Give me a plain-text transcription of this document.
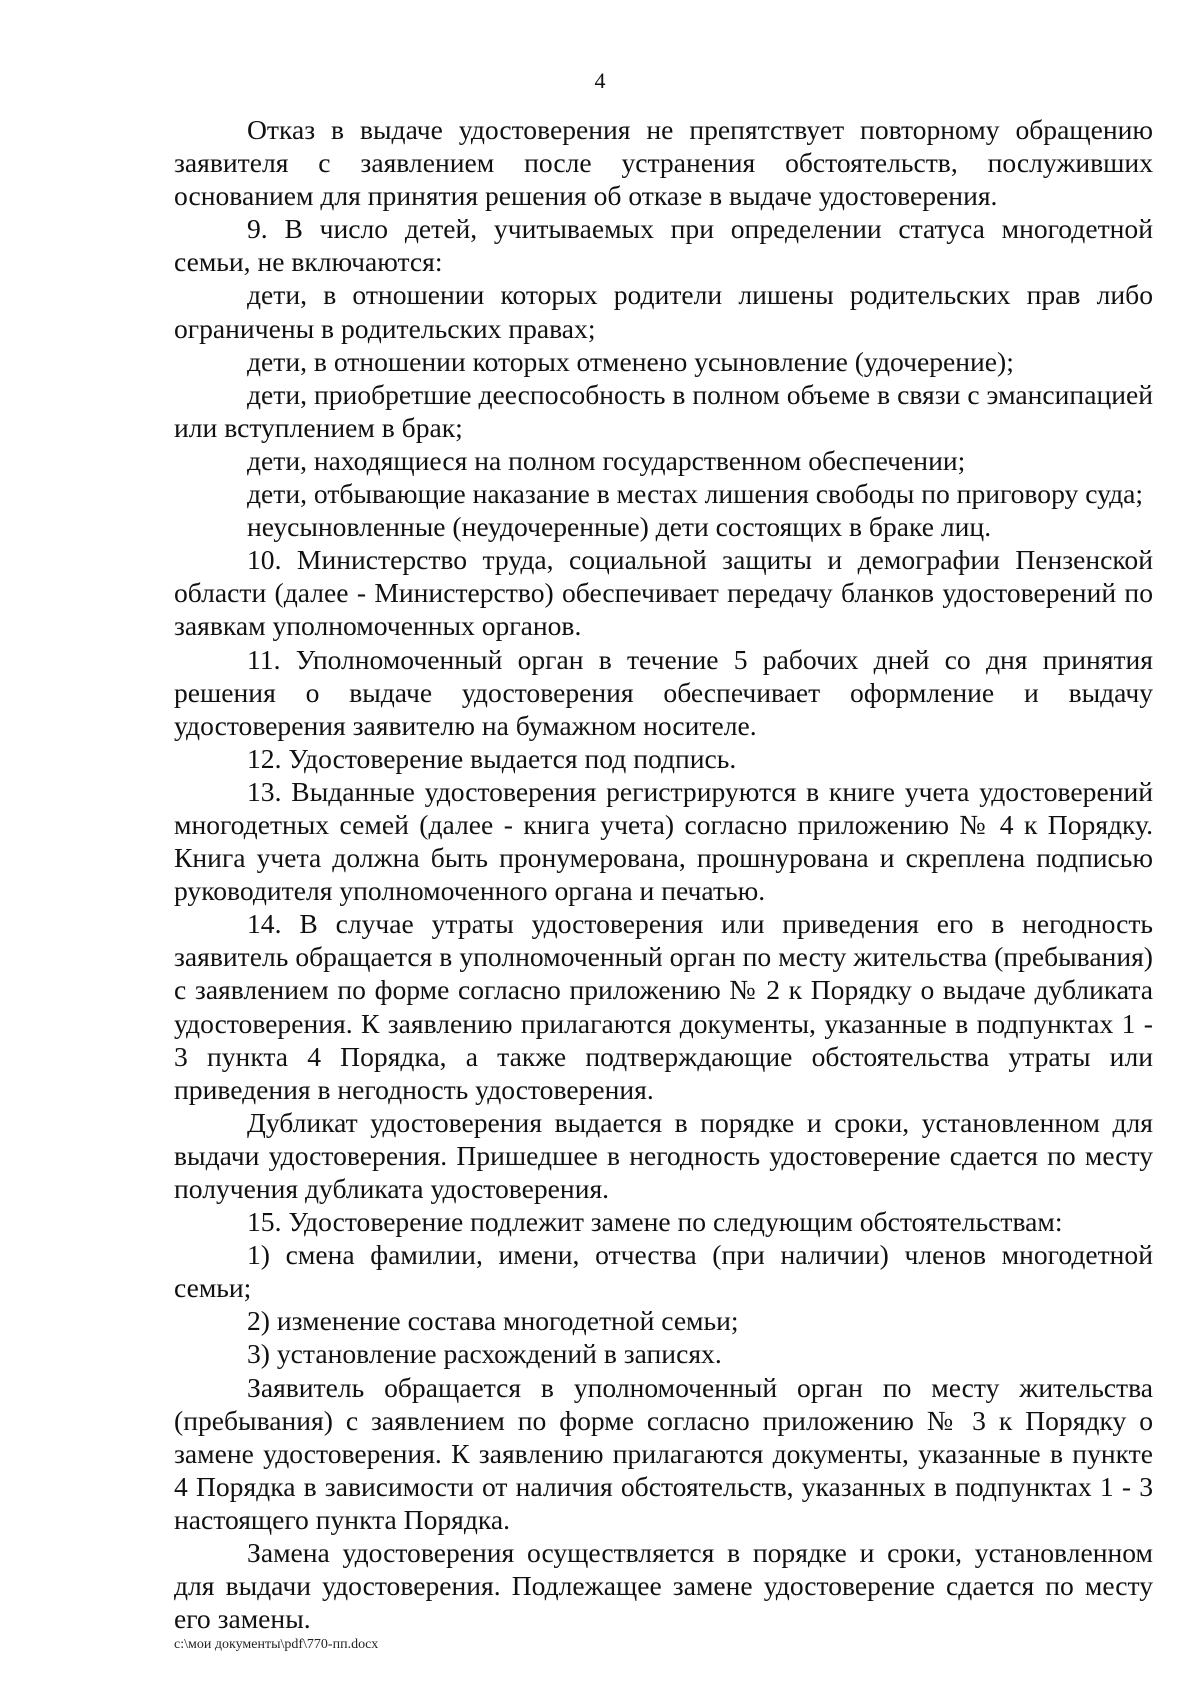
4

Отказ в выдаче удостоверения не препятствует повторному обращению заявителя с заявлением после устранения обстоятельств, послуживших основанием для принятия решения об отказе в выдаче удостоверения.

9. В число детей, учитываемых при определении статуса многодетной семьи, не включаются:

дети, в отношении которых родители лишены родительских прав либо ограничены в родительских правах;

дети, в отношении которых отменено усыновление (удочерение);

дети, приобретшие дееспособность в полном объеме в связи с эмансипацией или вступлением в брак;

дети, находящиеся на полном государственном обеспечении;

дети, отбывающие наказание в местах лишения свободы по приговору суда;

неусыновленные (неудочеренные) дети состоящих в браке лиц.

10. Министерство труда, социальной защиты и демографии Пензенской области (далее - Министерство) обеспечивает передачу бланков удостоверений по заявкам уполномоченных органов.

11. Уполномоченный орган в течение 5 рабочих дней со дня принятия решения о выдаче удостоверения обеспечивает оформление и выдачу удостоверения заявителю на бумажном носителе.

12. Удостоверение выдается под подпись.

13. Выданные удостоверения регистрируются в книге учета удостоверений многодетных семей (далее - книга учета) согласно приложению № 4 к Порядку. Книга учета должна быть пронумерована, прошнурована и скреплена подписью руководителя уполномоченного органа и печатью.

14. В случае утраты удостоверения или приведения его в негодность заявитель обращается в уполномоченный орган по месту жительства (пребывания) с заявлением по форме согласно приложению № 2 к Порядку о выдаче дубликата удостоверения. К заявлению прилагаются документы, указанные в подпунктах 1 - 3 пункта 4 Порядка, а также подтверждающие обстоятельства утраты или приведения в негодность удостоверения.

Дубликат удостоверения выдается в порядке и сроки, установленном для выдачи удостоверения. Пришедшее в негодность удостоверение сдается по месту получения дубликата удостоверения.

15. Удостоверение подлежит замене по следующим обстоятельствам:

1) смена фамилии, имени, отчества (при наличии) членов многодетной семьи;

2) изменение состава многодетной семьи;

3) установление расхождений в записях.

Заявитель обращается в уполномоченный орган по месту жительства (пребывания) с заявлением по форме согласно приложению № 3 к Порядку о замене удостоверения. К заявлению прилагаются документы, указанные в пункте 4 Порядка в зависимости от наличия обстоятельств, указанных в подпунктах 1 - 3 настоящего пункта Порядка.

Замена удостоверения осуществляется в порядке и сроки, установленном для выдачи удостоверения. Подлежащее замене удостоверение сдается по месту его замены.

c:\мои документы\pdf\770-пп.docx
